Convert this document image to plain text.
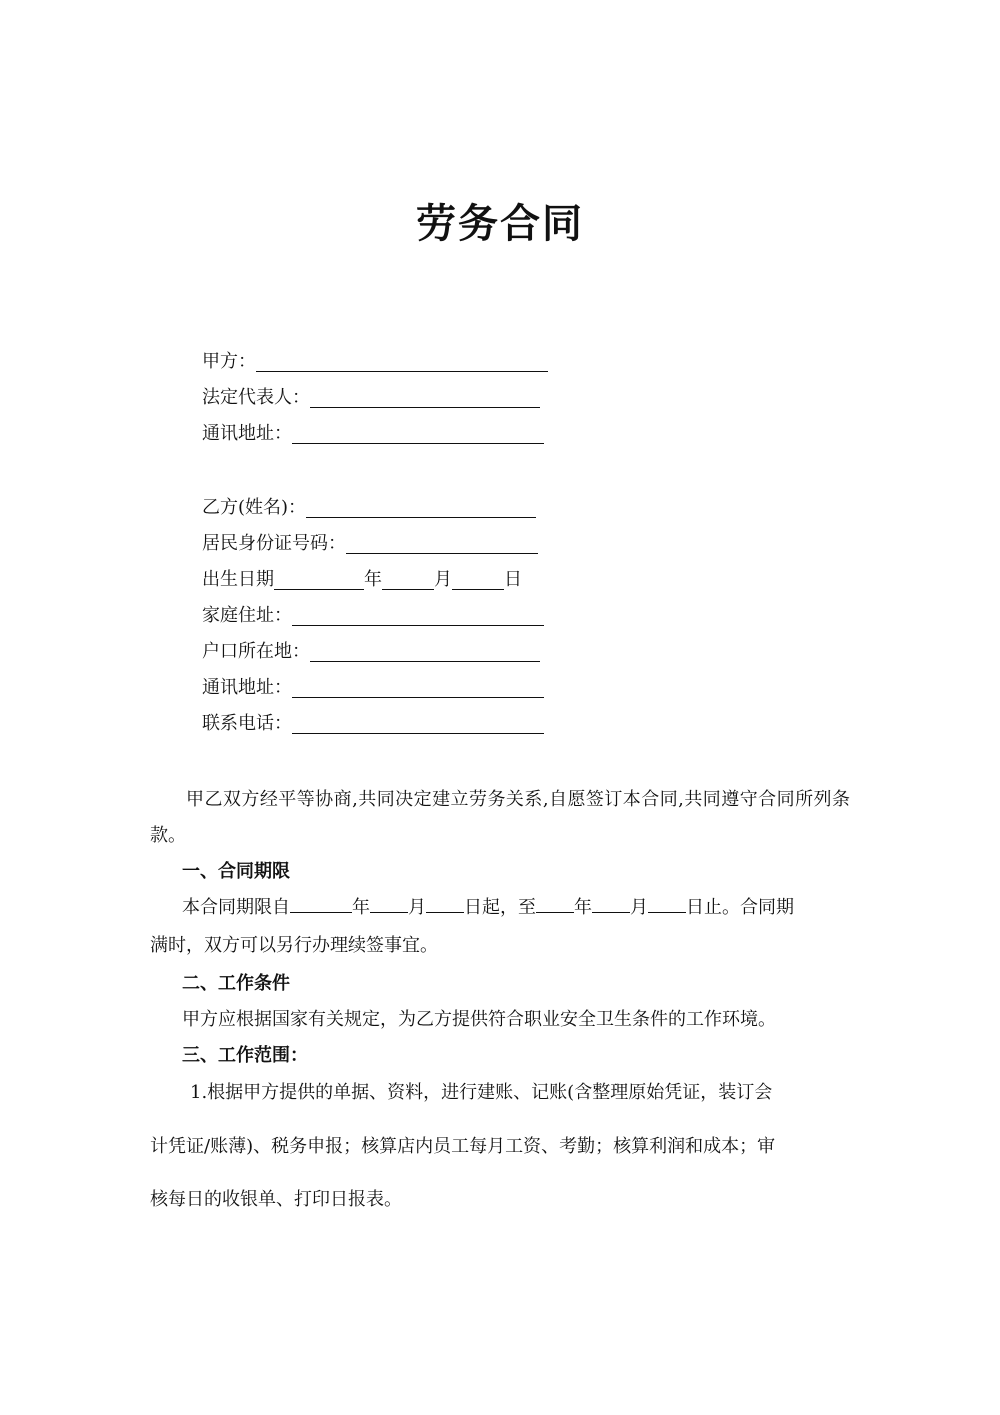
劳务合同
甲方：
法定代表人：
通讯地址：
乙方(姓名)：
居民身份证号码：
出生日期	年	月	日
家庭住址：
户口所在地：
通讯地址：
联系电话：
甲乙双方经平等协商,共同决定建立劳务关系,自愿签订本合同,共同遵守合同所列条款。
一、合同期限
本合同期限自	年 月 日起，至 年 月 日止。合同期
满时，双方可以另行办理续签事宜。
二、工作条件
甲方应根据国家有关规定，为乙方提供符合职业安全卫生条件的工作环境。
三、工作范围：
1.根据甲方提供的单据、资料，进行建账、记账(含整理原始凭证，装订会
计凭证/账薄)、税务申报；核算店内员工每月工资、考勤；核算利润和成本；审
核每日的收银单、打印日报表。
